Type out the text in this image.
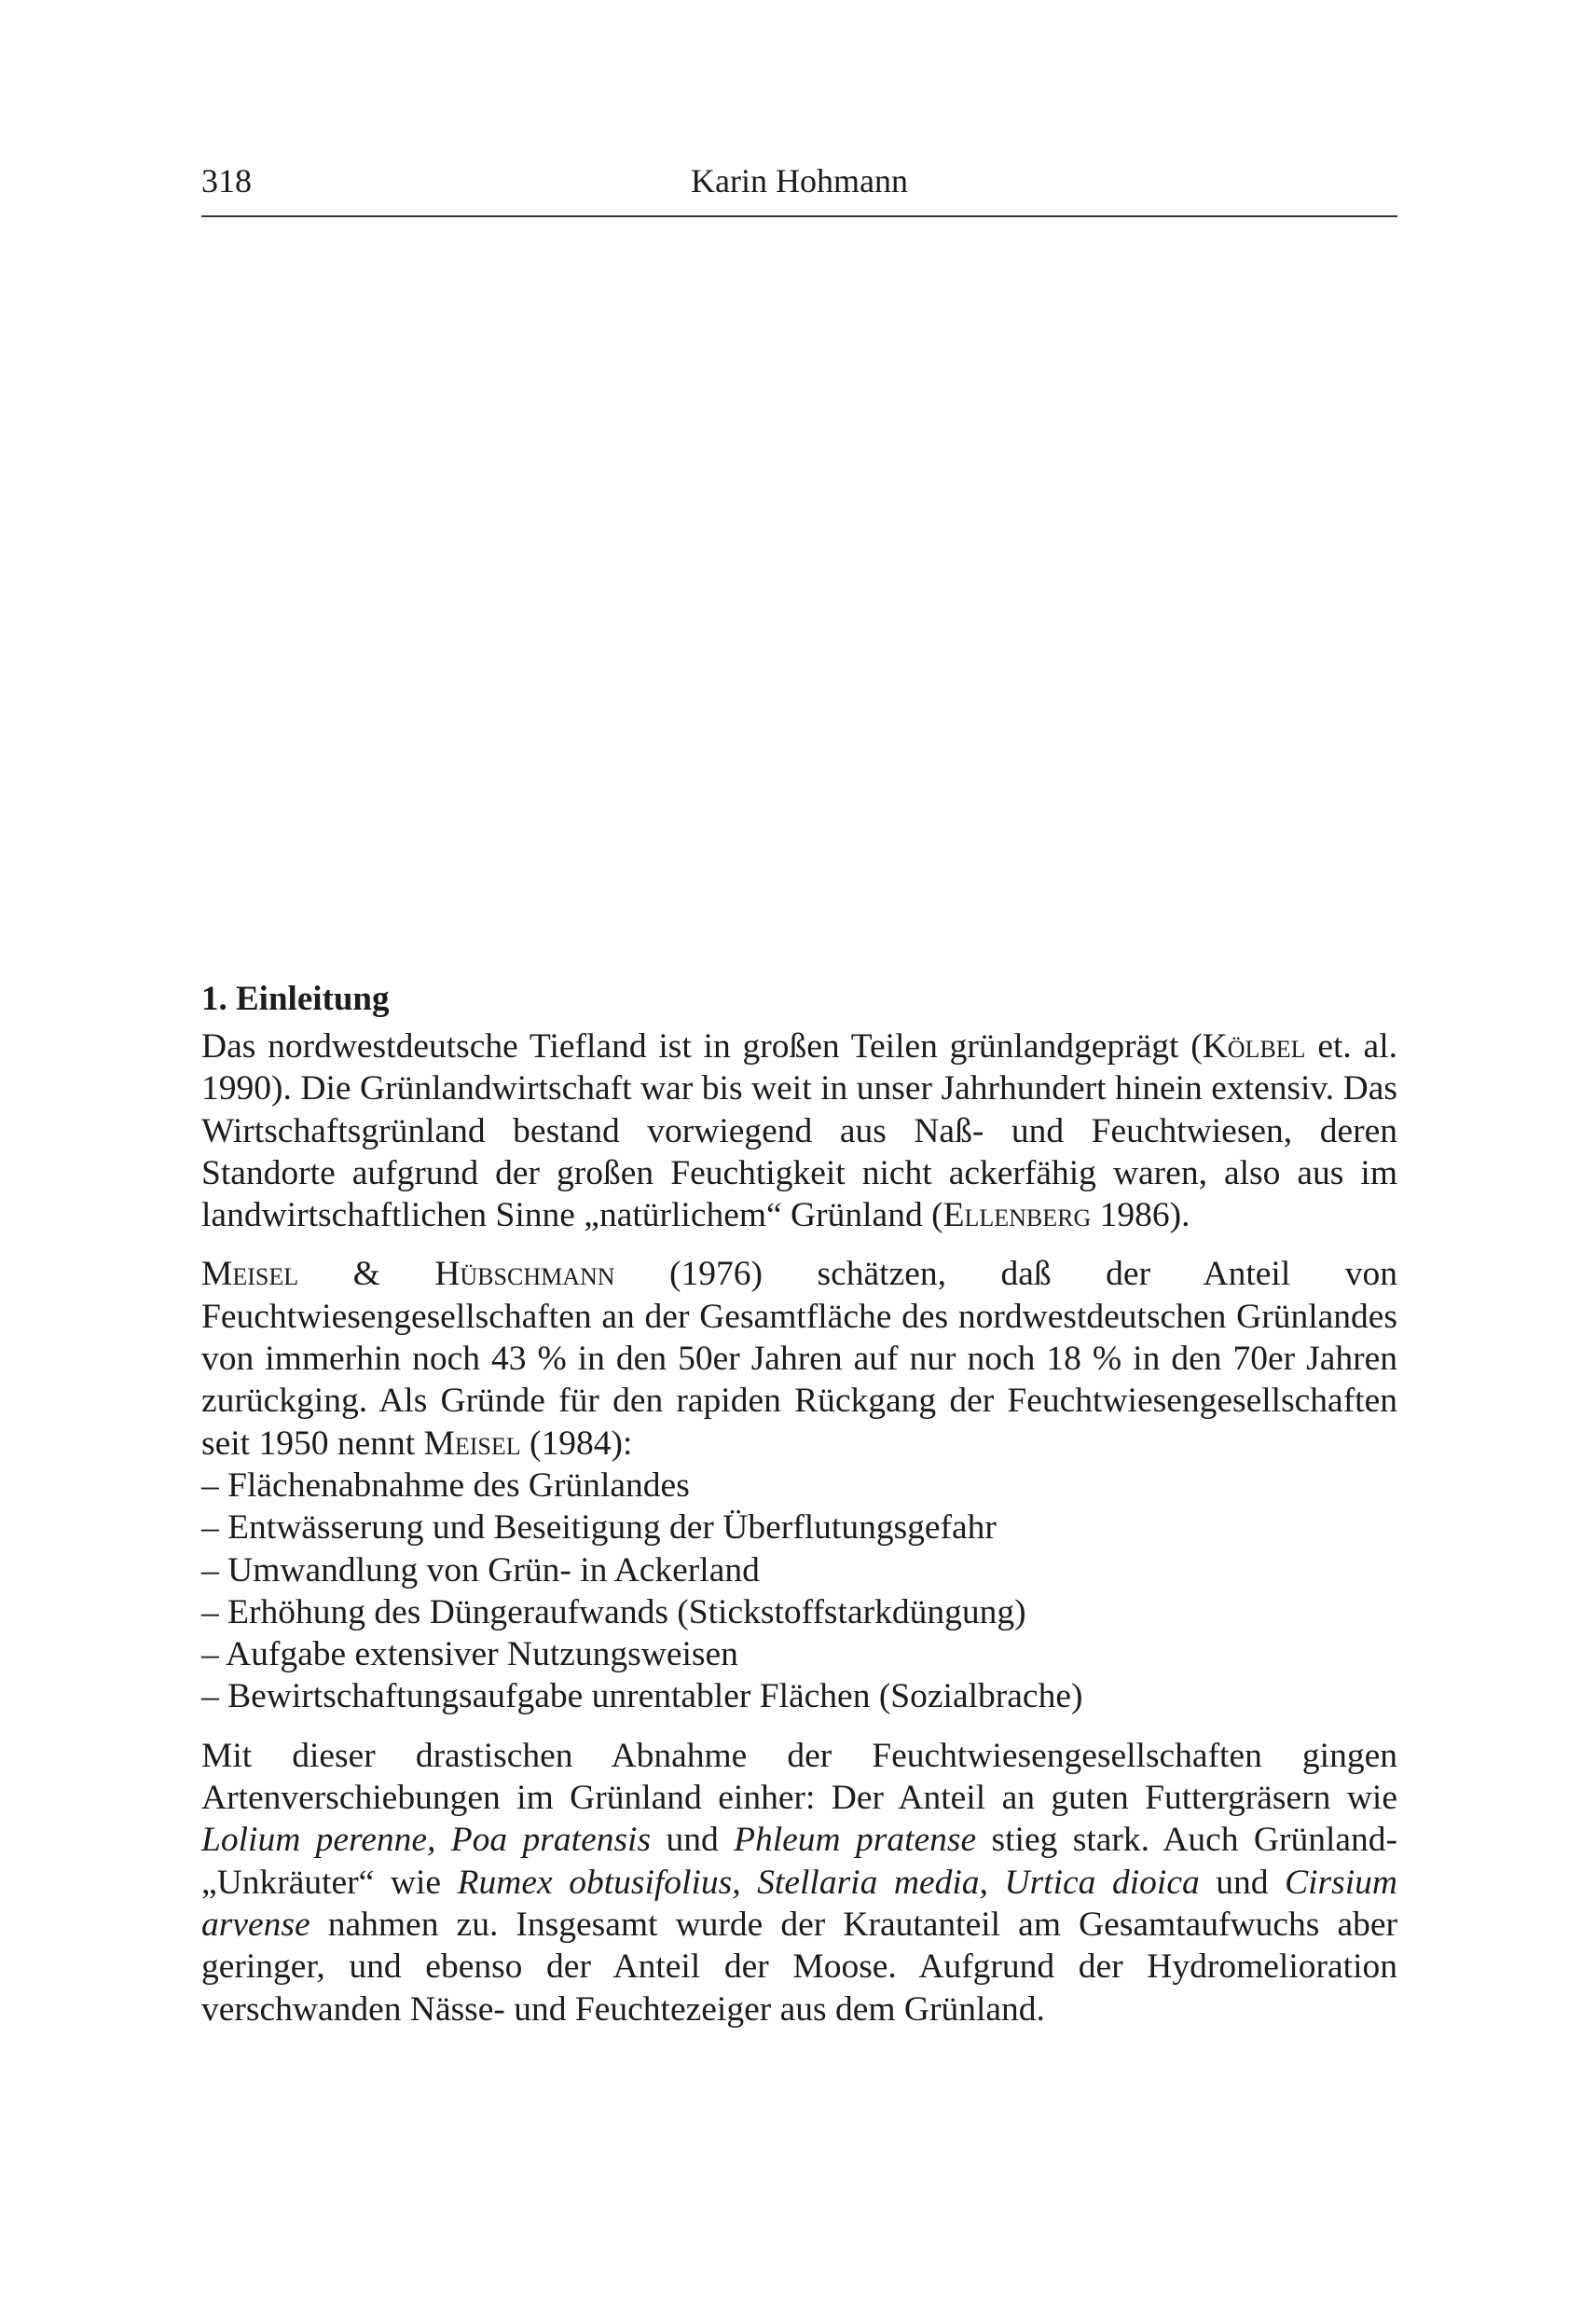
318	Karin Hohmann
1. Einleitung

Das nordwestdeutsche Tiefland ist in großen Teilen grünlandgeprägt (Kölbel et. al. 1990). Die Grünlandwirtschaft war bis weit in unser Jahrhundert hinein extensiv. Das Wirtschaftsgrünland bestand vorwiegend aus Naß- und Feuchtwiesen, deren Standorte aufgrund der großen Feuchtigkeit nicht ackerfähig waren, also aus im landwirtschaftlichen Sinne „natürlichem“ Grünland (Ellenberg 1986).

Meisel & Hübschmann (1976) schätzen, daß der Anteil von Feuchtwiesengesellschaften an der Gesamtfläche des nordwestdeutschen Grünlandes von immerhin noch 43 % in den 50er Jahren auf nur noch 18 % in den 70er Jahren zurückging. Als Gründe für den rapiden Rückgang der Feuchtwiesengesellschaften seit 1950 nennt Meisel (1984):

– Flächenabnahme des Grünlandes
– Entwässerung und Beseitigung der Überflutungsgefahr
– Umwandlung von Grün- in Ackerland
– Erhöhung des Düngeraufwands (Stickstoffstarkdüngung)
– Aufgabe extensiver Nutzungsweisen
– Bewirtschaftungsaufgabe unrentabler Flächen (Sozialbrache)

Mit dieser drastischen Abnahme der Feuchtwiesengesellschaften gingen Artenverschiebungen im Grünland einher: Der Anteil an guten Futtergräsern wie Lolium perenne, Poa pratensis und Phleum pratense stieg stark. Auch Grünland-„Unkräuter“ wie Rumex obtusifolius, Stellaria media, Urtica dioica und Cirsium arvense nahmen zu. Insgesamt wurde der Krautanteil am Gesamtaufwuchs aber geringer, und ebenso der Anteil der Moose. Aufgrund der Hydromelioration verschwanden Nässe- und Feuchtezeiger aus dem Grünland.
